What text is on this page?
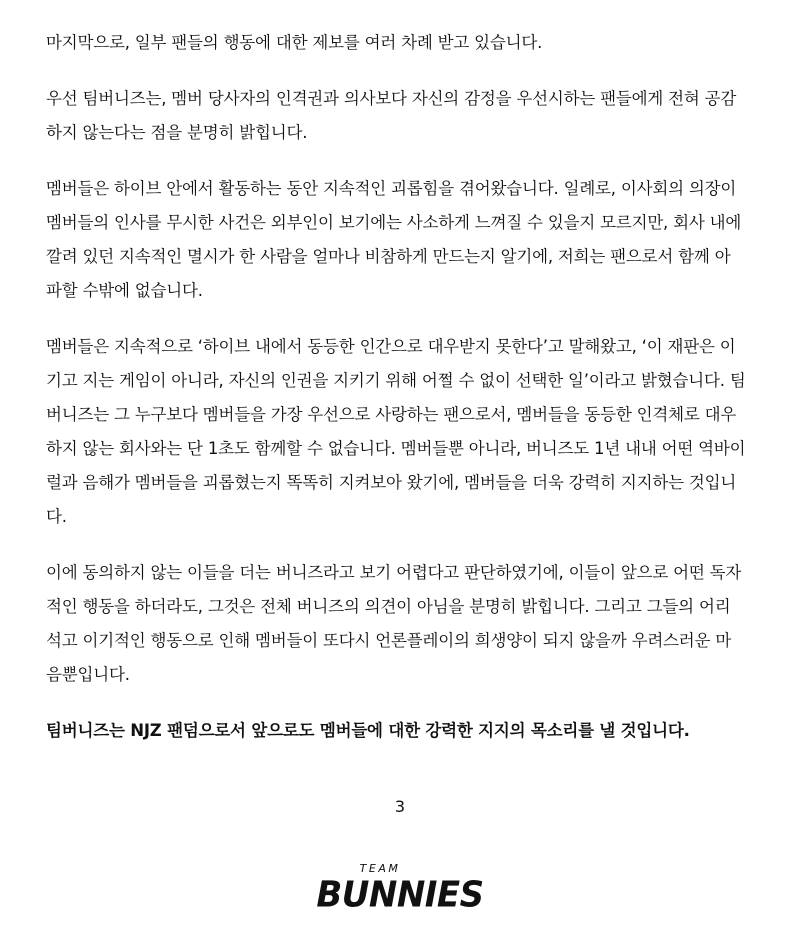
마지막으로, 일부 팬들의 행동에 대한 제보를 여러 차례 받고 있습니다.

우선 팀버니즈는, 멤버 당사자의 인격권과 의사보다 자신의 감정을 우선시하는 팬들에게 전혀 공감
하지 않는다는 점을 분명히 밝힙니다.

멤버들은 하이브 안에서 활동하는 동안 지속적인 괴롭힘을 겪어왔습니다. 일례로, 이사회의 의장이
멤버들의 인사를 무시한 사건은 외부인이 보기에는 사소하게 느껴질 수 있을지 모르지만, 회사 내에
깔려 있던 지속적인 멸시가 한 사람을 얼마나 비참하게 만드는지 알기에, 저희는 팬으로서 함께 아
파할 수밖에 없습니다.

멤버들은 지속적으로 ‘하이브 내에서 동등한 인간으로 대우받지 못한다’고 말해왔고, ‘이 재판은 이
기고 지는 게임이 아니라, 자신의 인권을 지키기 위해 어쩔 수 없이 선택한 일’이라고 밝혔습니다. 팀
버니즈는 그 누구보다 멤버들을 가장 우선으로 사랑하는 팬으로서, 멤버들을 동등한 인격체로 대우
하지 않는 회사와는 단 1초도 함께할 수 없습니다. 멤버들뿐 아니라, 버니즈도 1년 내내 어떤 역바이
럴과 음해가 멤버들을 괴롭혔는지 똑똑히 지켜보아 왔기에, 멤버들을 더욱 강력히 지지하는 것입니
다.

이에 동의하지 않는 이들을 더는 버니즈라고 보기 어렵다고 판단하였기에, 이들이 앞으로 어떤 독자
적인 행동을 하더라도, 그것은 전체 버니즈의 의견이 아님을 분명히 밝힙니다. 그리고 그들의 어리
석고 이기적인 행동으로 인해 멤버들이 또다시 언론플레이의 희생양이 되지 않을까 우려스러운 마
음뿐입니다.

팀버니즈는 NJZ 팬덤으로서 앞으로도 멤버들에 대한 강력한 지지의 목소리를 낼 것입니다.

3
TEAM
BUNNIES
